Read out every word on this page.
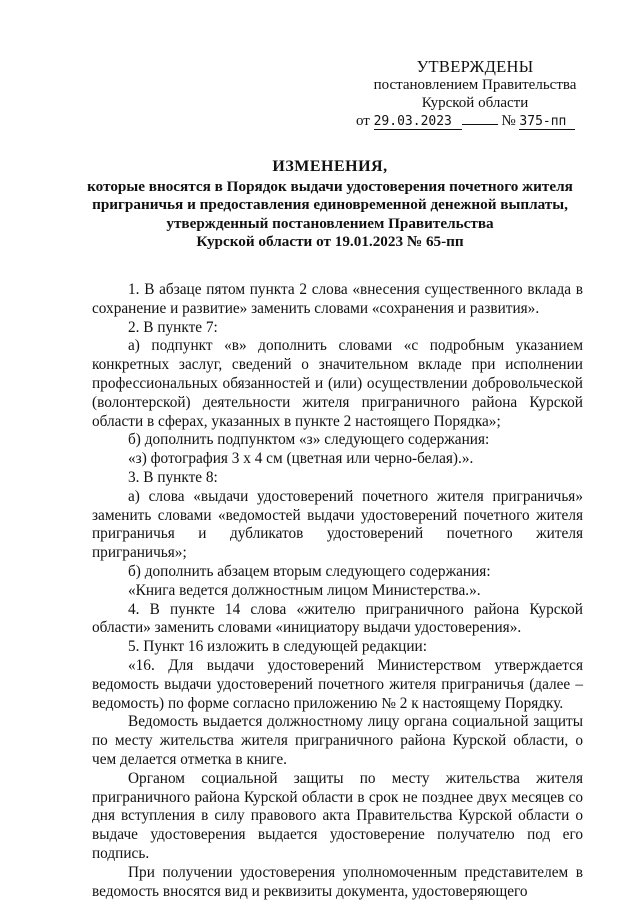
УТВЕРЖДЕНЫ
постановлением Правительства
Курской области
от 29.03.2023	№ 375-пп
ИЗМЕНЕНИЯ,
которые вносятся в Порядок выдачи удостоверения почетного жителя
приграничья и предоставления единовременной денежной выплаты,
утвержденный постановлением Правительства
Курской области от 19.01.2023 № 65-пп

1. В абзаце пятом пункта 2 слова «внесения существенного вклада в сохранение и развитие» заменить словами «сохранения и развития».

2. В пункте 7:

а) подпункт «в» дополнить словами «с подробным указанием конкретных заслуг, сведений о значительном вкладе при исполнении профессиональных обязанностей и (или) осуществлении добровольческой (волонтерской) деятельности жителя приграничного района Курской области в сферах, указанных в пункте 2 настоящего Порядка»;

б) дополнить подпунктом «з» следующего содержания:

«з) фотография 3 х 4 см (цветная или черно-белая).».

3. В пункте 8:

а) слова «выдачи удостоверений почетного жителя приграничья» заменить словами «ведомостей выдачи удостоверений почетного жителя приграничья и дубликатов удостоверений почетного жителя приграничья»;

б) дополнить абзацем вторым следующего содержания:

«Книга ведется должностным лицом Министерства.».

4. В пункте 14 слова «жителю приграничного района Курской области» заменить словами «инициатору выдачи удостоверения».

5. Пункт 16 изложить в следующей редакции:

«16. Для выдачи удостоверений Министерством утверждается ведомость выдачи удостоверений почетного жителя приграничья (далее – ведомость) по форме согласно приложению № 2 к настоящему Порядку.

Ведомость выдается должностному лицу органа социальной защиты по месту жительства жителя приграничного района Курской области, о чем делается отметка в книге.

Органом социальной защиты по месту жительства жителя приграничного района Курской области в срок не позднее двух месяцев со дня вступления в силу правового акта Правительства Курской области о выдаче удостоверения выдается удостоверение получателю под его подпись.

При получении удостоверения уполномоченным представителем в ведомость вносятся вид и реквизиты документа, удостоверяющего
